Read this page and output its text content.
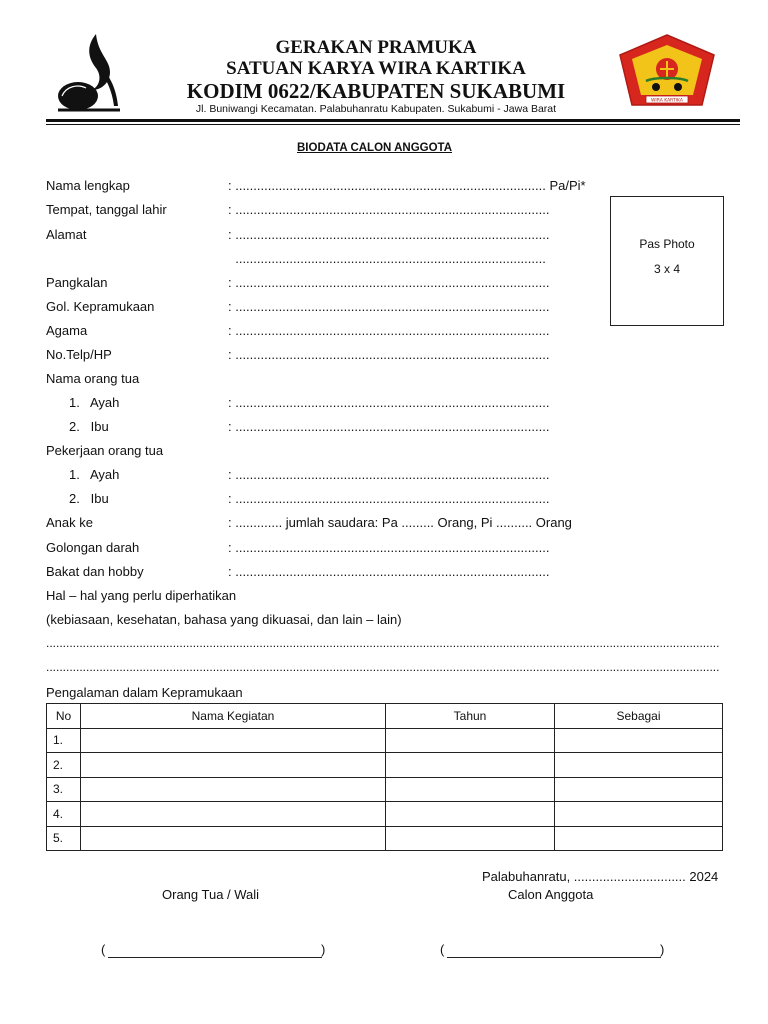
GERAKAN PRAMUKA
SATUAN KARYA WIRA KARTIKA
KODIM 0622/KABUPATEN SUKABUMI
Jl. Buniwangi Kecamatan. Palabuhanratu Kabupaten. Sukabumi - Jawa Barat
WIRA KARTIKA
BIODATA CALON ANGGOTA
Pas Photo
3 x 4
Nama lengkap	: ...................................................................................... Pa/Pi*
Tempat, tanggal lahir	: .......................................................................................
Alamat	: .......................................................................................
......................................................................................
Pangkalan	: .......................................................................................
Gol. Kepramukaan	: .......................................................................................
Agama	: .......................................................................................
No.Telp/HP	: .......................................................................................
Nama orang tua
1.   Ayah	: .......................................................................................
2.   Ibu	: .......................................................................................
Pekerjaan orang tua
1.   Ayah	: .......................................................................................
2.   Ibu	: .......................................................................................
Anak ke	: ............. jumlah saudara: Pa ......... Orang, Pi .......... Orang
Golongan darah	: .......................................................................................
Bakat dan hobby	: .......................................................................................
Hal – hal yang perlu diperhatikan
(kebiasaan, kesehatan, bahasa yang dikuasai, dan lain – lain)
..........................................................................................................................................................................................................
..........................................................................................................................................................................................................
Pengalaman dalam Kepramukaan
No	Nama Kegiatan	Tahun	Sebagai
1.			
2.			
3.			
4.			
5.			
Palabuhanratu, ............................... 2024
Orang Tua / Wali	Calon Anggota
(	)	(	)
